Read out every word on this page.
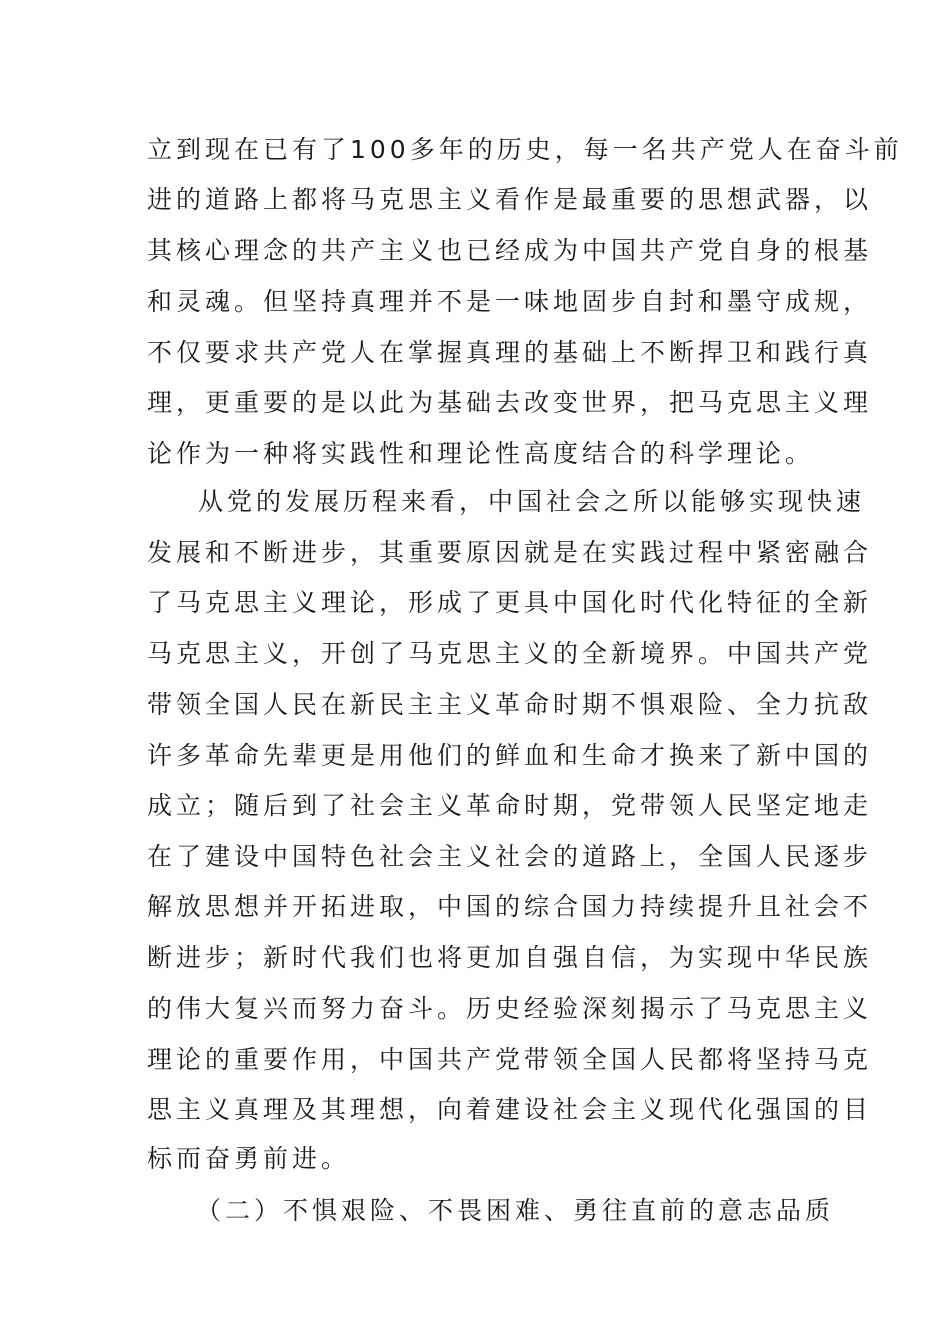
立到现在已有了100多年的历史，每一名共产党人在奋斗前
进的道路上都将马克思主义看作是最重要的思想武器，以
其核心理念的共产主义也已经成为中国共产党自身的根基
和灵魂。但坚持真理并不是一味地固步自封和墨守成规，
不仅要求共产党人在掌握真理的基础上不断捍卫和践行真
理，更重要的是以此为基础去改变世界，把马克思主义理
论作为一种将实践性和理论性高度结合的科学理论。
从党的发展历程来看，中国社会之所以能够实现快速
发展和不断进步，其重要原因就是在实践过程中紧密融合
了马克思主义理论，形成了更具中国化时代化特征的全新
马克思主义，开创了马克思主义的全新境界。中国共产党
带领全国人民在新民主主义革命时期不惧艰险、全力抗敌
许多革命先辈更是用他们的鲜血和生命才换来了新中国的
成立；随后到了社会主义革命时期，党带领人民坚定地走
在了建设中国特色社会主义社会的道路上，全国人民逐步
解放思想并开拓进取，中国的综合国力持续提升且社会不
断进步；新时代我们也将更加自强自信，为实现中华民族
的伟大复兴而努力奋斗。历史经验深刻揭示了马克思主义
理论的重要作用，中国共产党带领全国人民都将坚持马克
思主义真理及其理想，向着建设社会主义现代化强国的目
标而奋勇前进。
（二）不惧艰险、不畏困难、勇往直前的意志品质
